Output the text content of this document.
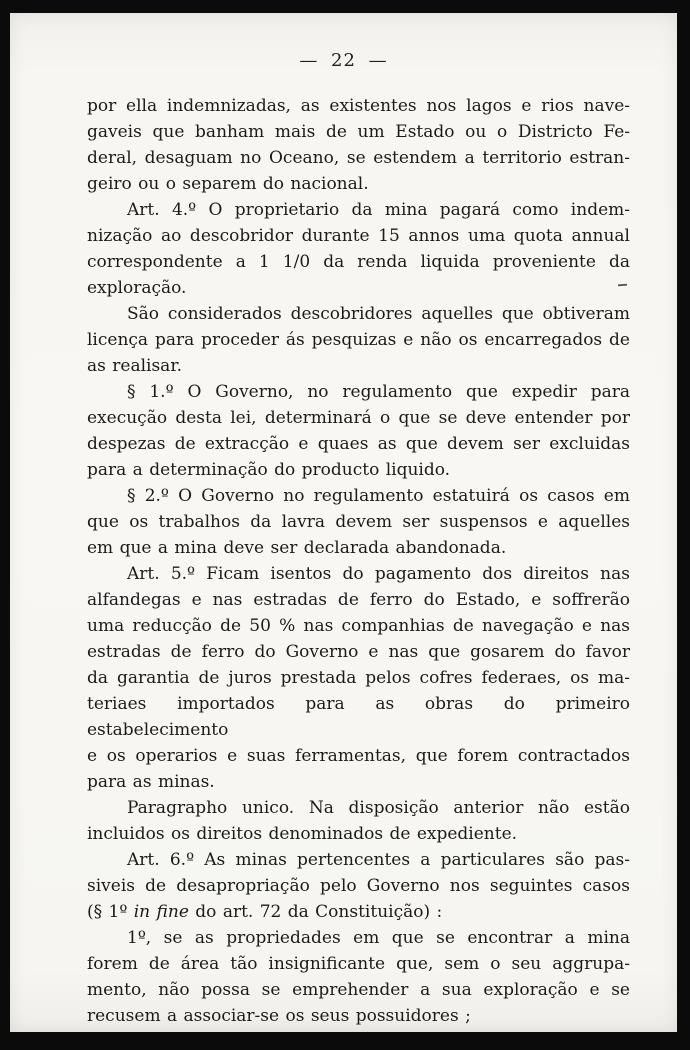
— 22 —
por ella indemnizadas, as existentes nos lagos e rios nave-
gaveis que banham mais de um Estado ou o Districto Fe-
deral, desaguam no Oceano, se estendem a territorio estran-
geiro ou o separem do nacional.
Art. 4.º O proprietario da mina pagará como indem-
nização ao descobridor durante 15 annos uma quota annual
correspondente a 1 1/0 da renda liquida proveniente da
exploração.
São considerados descobridores aquelles que obtiveram
licença para proceder ás pesquizas e não os encarregados de
as realisar.
§ 1.º O Governo, no regulamento que expedir para
execução desta lei, determinará o que se deve entender por
despezas de extracção e quaes as que devem ser excluidas
para a determinação do producto liquido.
§ 2.º O Governo no regulamento estatuirá os casos em
que os trabalhos da lavra devem ser suspensos e aquelles
em que a mina deve ser declarada abandonada.
Art. 5.º Ficam isentos do pagamento dos direitos nas
alfandegas e nas estradas de ferro do Estado, e soffrerão
uma reducção de 50 % nas companhias de navegação e nas
estradas de ferro do Governo e nas que gosarem do favor
da garantia de juros prestada pelos cofres federaes, os ma-
teriaes importados para as obras do primeiro estabelecimento
e os operarios e suas ferramentas, que forem contractados
para as minas.
Paragrapho unico. Na disposição anterior não estão
incluidos os direitos denominados de expediente.
Art. 6.º As minas pertencentes a particulares são pas-
siveis de desapropriação pelo Governo nos seguintes casos
(§ 1º in fine do art. 72 da Constituição) :
1º, se as propriedades em que se encontrar a mina
forem de área tão insignificante que, sem o seu aggrupa-
mento, não possa se emprehender a sua exploração e se
recusem a associar-se os seus possuidores ;
